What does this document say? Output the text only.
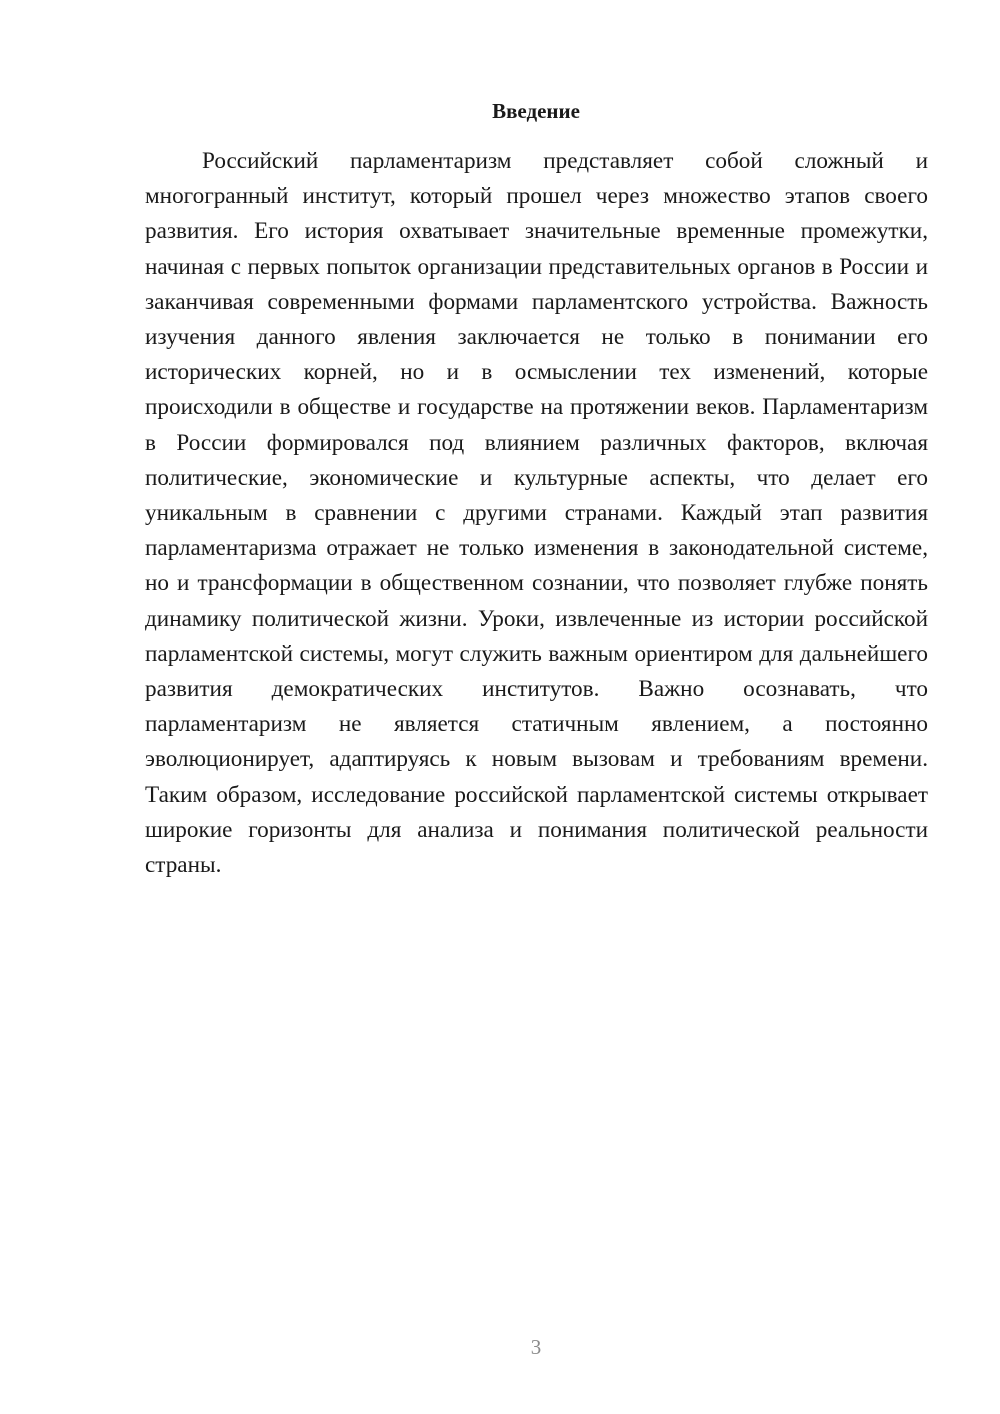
Введение

Российский парламентаризм представляет собой сложный и многогранный институт, который прошел через множество этапов своего развития. Его история охватывает значительные временные промежутки, начиная с первых попыток организации представительных органов в России и заканчивая современными формами парламентского устройства. Важность изучения данного явления заключается не только в понимании его исторических корней, но и в осмыслении тех изменений, которые происходили в обществе и государстве на протяжении веков. Парламентаризм в России формировался под влиянием различных факторов, включая политические, экономические и культурные аспекты, что делает его уникальным в сравнении с другими странами. Каждый этап развития парламентаризма отражает не только изменения в законодательной системе, но и трансформации в общественном сознании, что позволяет глубже понять динамику политической жизни. Уроки, извлеченные из истории российской парламентской системы, могут служить важным ориентиром для дальнейшего развития демократических институтов. Важно осознавать, что парламентаризм не является статичным явлением, а постоянно эволюционирует, адаптируясь к новым вызовам и требованиям времени. Таким образом, исследование российской парламентской системы открывает широкие горизонты для анализа и понимания политической реальности страны.

3
